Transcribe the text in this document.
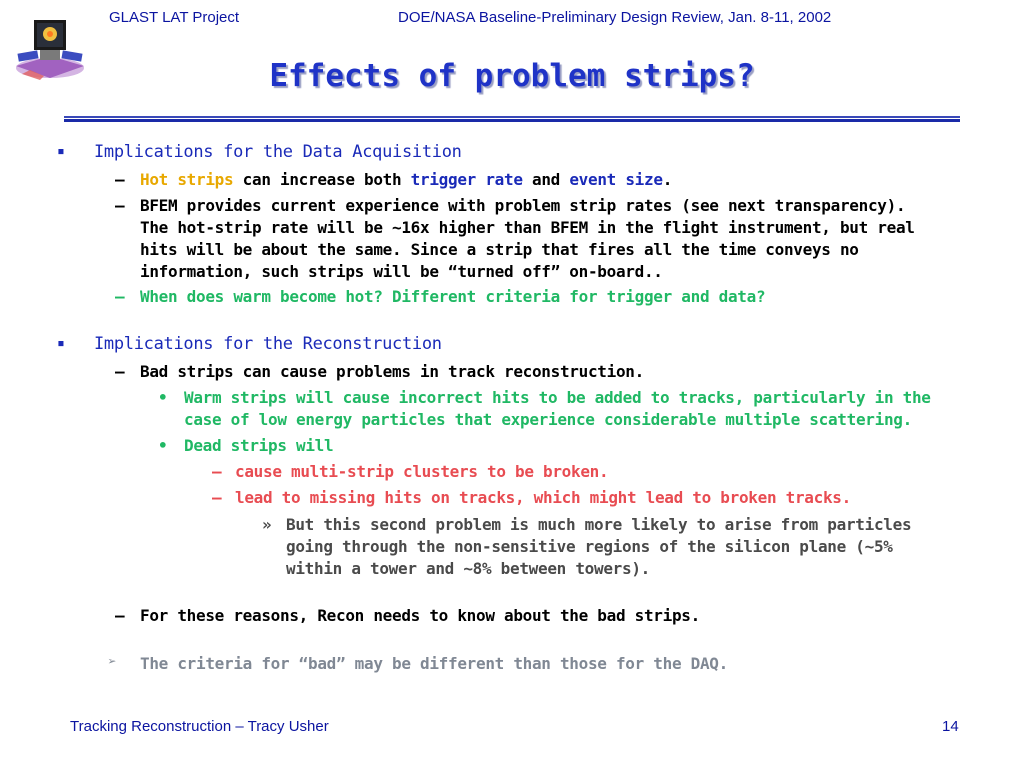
GLAST LAT Project	DOE/NASA Baseline-Preliminary Design Review, Jan. 8-11, 2002
Effects of problem strips?
▪ Implications for the Data Acquisition
– Hot strips can increase both trigger rate and event size.
– BFEM provides current experience with problem strip rates (see next transparency).
The hot-strip rate will be ~16x higher than BFEM in the flight instrument, but real
hits will be about the same. Since a strip that fires all the time conveys no
information, such strips will be “turned off” on-board..
– When does warm become hot? Different criteria for trigger and data?
▪ Implications for the Reconstruction
– Bad strips can cause problems in track reconstruction.
• Warm strips will cause incorrect hits to be added to tracks, particularly in the
case of low energy particles that experience considerable multiple scattering.
• Dead strips will
– cause multi-strip clusters to be broken.
– lead to missing hits on tracks, which might lead to broken tracks.
» But this second problem is much more likely to arise from particles
going through the non-sensitive regions of the silicon plane (~5%
within a tower and ~8% between towers).
– For these reasons, Recon needs to know about the bad strips.
➢ The criteria for “bad” may be different than those for the DAQ.
Tracking Reconstruction – Tracy Usher	14
